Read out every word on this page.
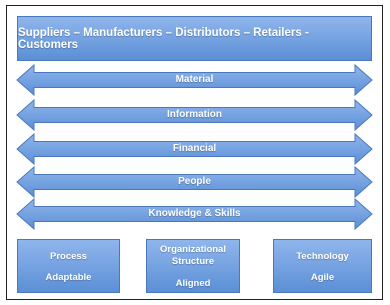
Suppliers – Manufacturers – Distributors – Retailers - Customers
Material
Information
Financial
People
Knowledge & Skills
Process
Adaptable
Organizational Structure
Aligned
Technology
Agile
